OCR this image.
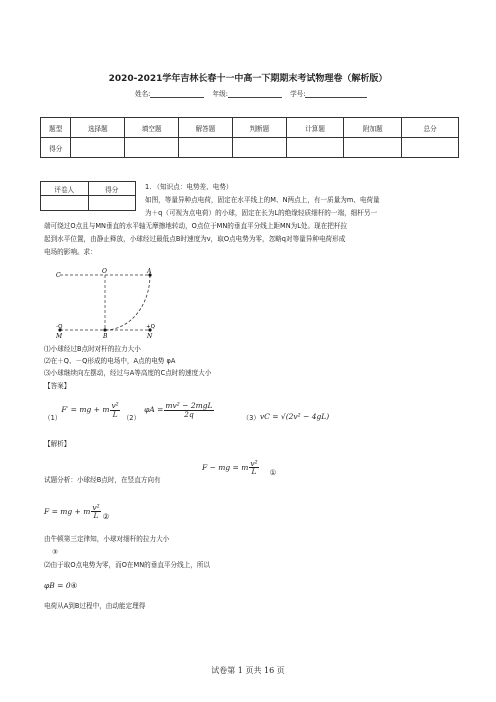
2020-2021学年吉林长春十一中高一下期期末考试物理卷（解析版）
姓名:	年级:	学号:
题型	选择题	填空题	解答题	判断题	计算题	附加题	总分
得分							
评卷人	得分
		1. （知识点：电势差、电势）
如图，等量异种点电荷，固定在水平线上的M、N两点上，有一质量为m、电荷量
为＋q（可视为点电荷）的小球，固定在长为L的绝缘轻质细杆的一端，细杆另一
端可绕过O点且与MN垂直的水平轴无摩擦地转动，O点位于MN的垂直平分线上距MN为L处。现在把杆拉
起到水平位置，由静止释放，小球经过最低点B时速度为v，取O点电势为零，忽略q对等量异种电荷形成
电场的影响。求：
C
O	A
B
-Q
M
+Q
N
⑴小球经过B点时对杆的拉力大小
⑵在＋Q、－Q形成的电场中，A点的电势 φA
⑶小球继续向左摆动，经过与A等高度的C点时的速度大小
【答案】
（1）
F′ = mg + m $\frac{\text{v²}}{L} (2)$
$\varphi A = \frac{\text{mv² − 2mgL}}{2q}$	（3） vC = √(2v² − 4gL)
【解析】
试题分析：小球经B点时，在竖直方向有
F − mg = m $\frac{\text{v²}}{L}$ ①
F = mg + m $\frac{\text{v²}}{L}$ ②
由牛顿第三定律知，小球对细杆的拉力大小
③
⑵由于取O点电势为零，而O在MN的垂直平分线上，所以
φB = 0④
电荷从A到B过程中，由动能定理得
试卷第 1 页共 16 页
